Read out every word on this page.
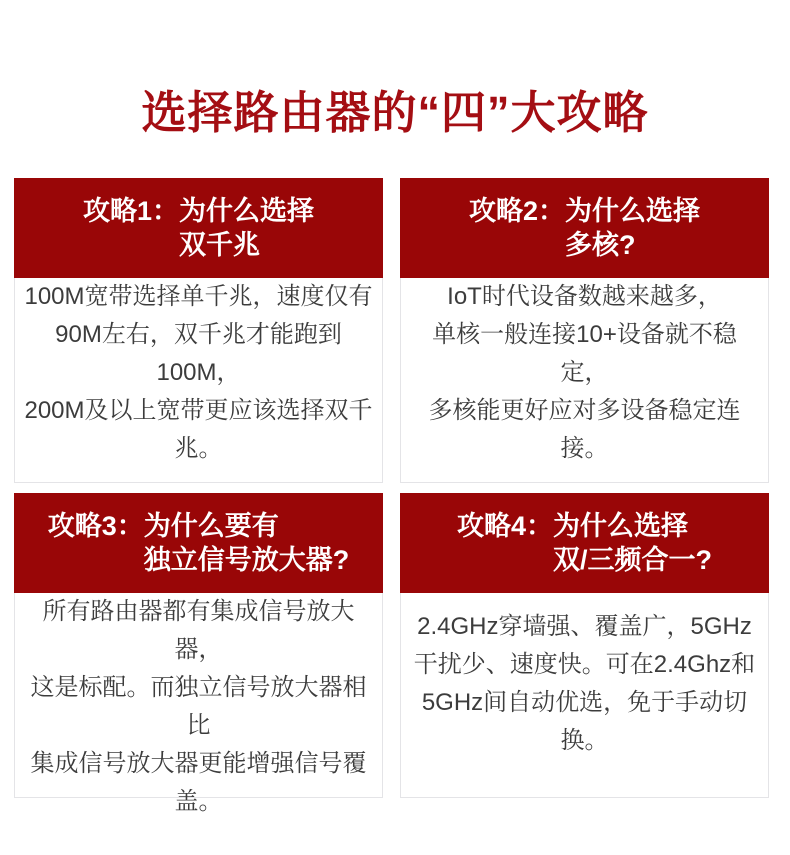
选择路由器的“四”大攻略
攻略1： 为什么选择
双千兆
100M宽带选择单千兆，速度仅有
90M左右，双千兆才能跑到100M，
200M及以上宽带更应该选择双千兆。
攻略2： 为什么选择
多核?
IoT时代设备数越来越多，
单核一般连接10+设备就不稳定，
多核能更好应对多设备稳定连接。
攻略3： 为什么要有
独立信号放大器?
所有路由器都有集成信号放大器，
这是标配。而独立信号放大器相比
集成信号放大器更能增强信号覆盖。
攻略4： 为什么选择
双/三频合一?
2.4GHz穿墙强、覆盖广，5GHz
干扰少、速度快。可在2.4Ghz和
5GHz间自动优选，免于手动切换。
